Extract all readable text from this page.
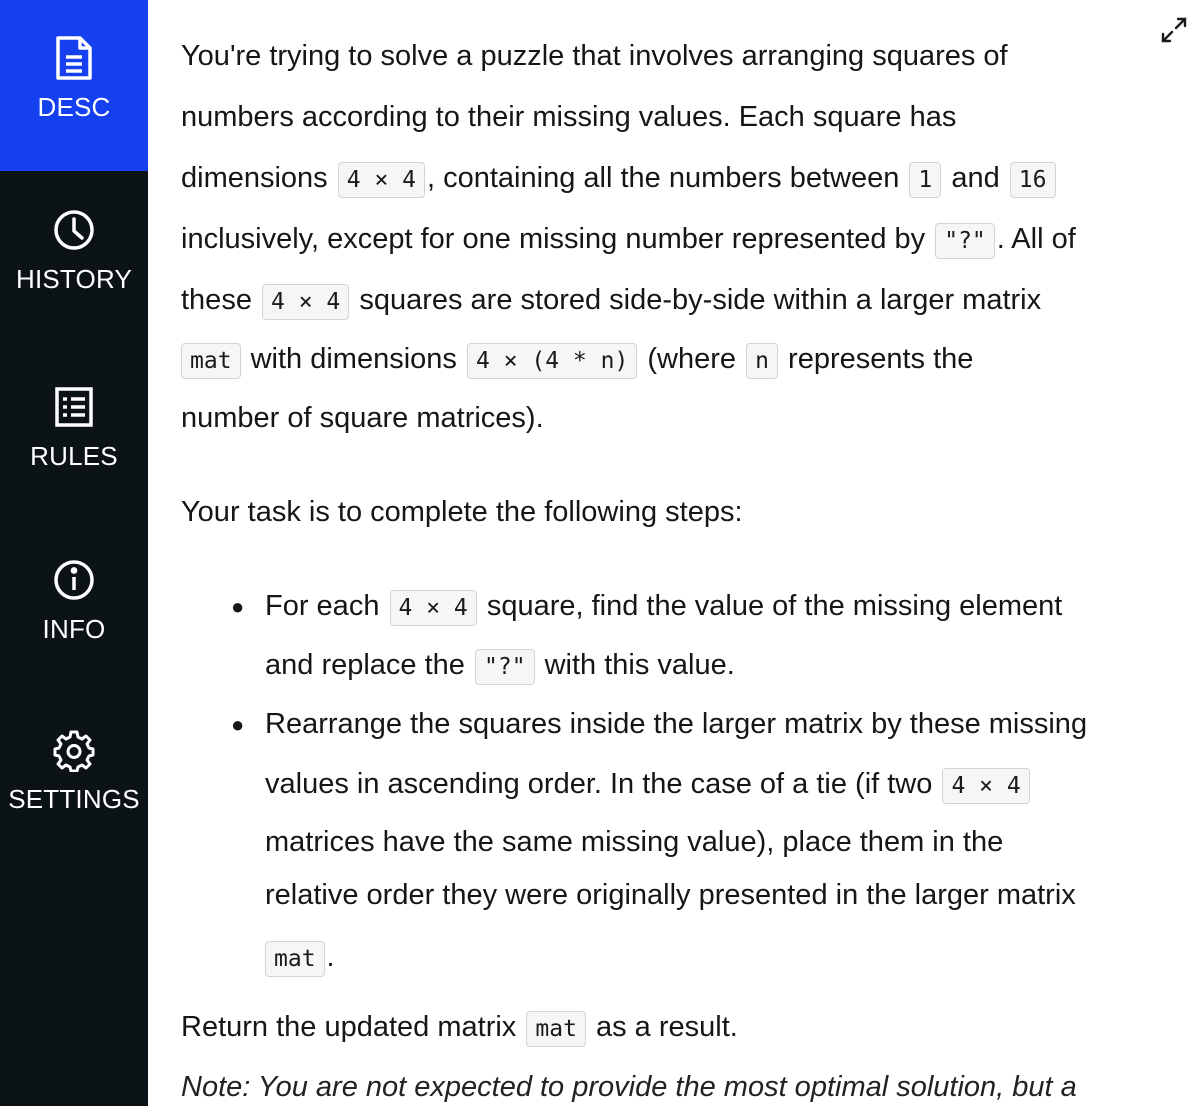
DESC
HISTORY
RULES
INFO
SETTINGS
You're trying to solve a puzzle that involves arranging squares of
numbers according to their missing values. Each square has
dimensions 4 × 4 , containing all the numbers between 1 and 16
inclusively, except for one missing number represented by "?" . All of
these 4 × 4 squares are stored side-by-side within a larger matrix
mat with dimensions 4 × (4 * n) (where n represents the
number of square matrices).
Your task is to complete the following steps:
● For each 4 × 4 square, find the value of the missing element
and replace the "?" with this value.
● Rearrange the squares inside the larger matrix by these missing
values in ascending order. In the case of a tie (if two 4 × 4
matrices have the same missing value), place them in the
relative order they were originally presented in the larger matrix
mat .
Return the updated matrix mat as a result.
Note: You are not expected to provide the most optimal solution, but a
